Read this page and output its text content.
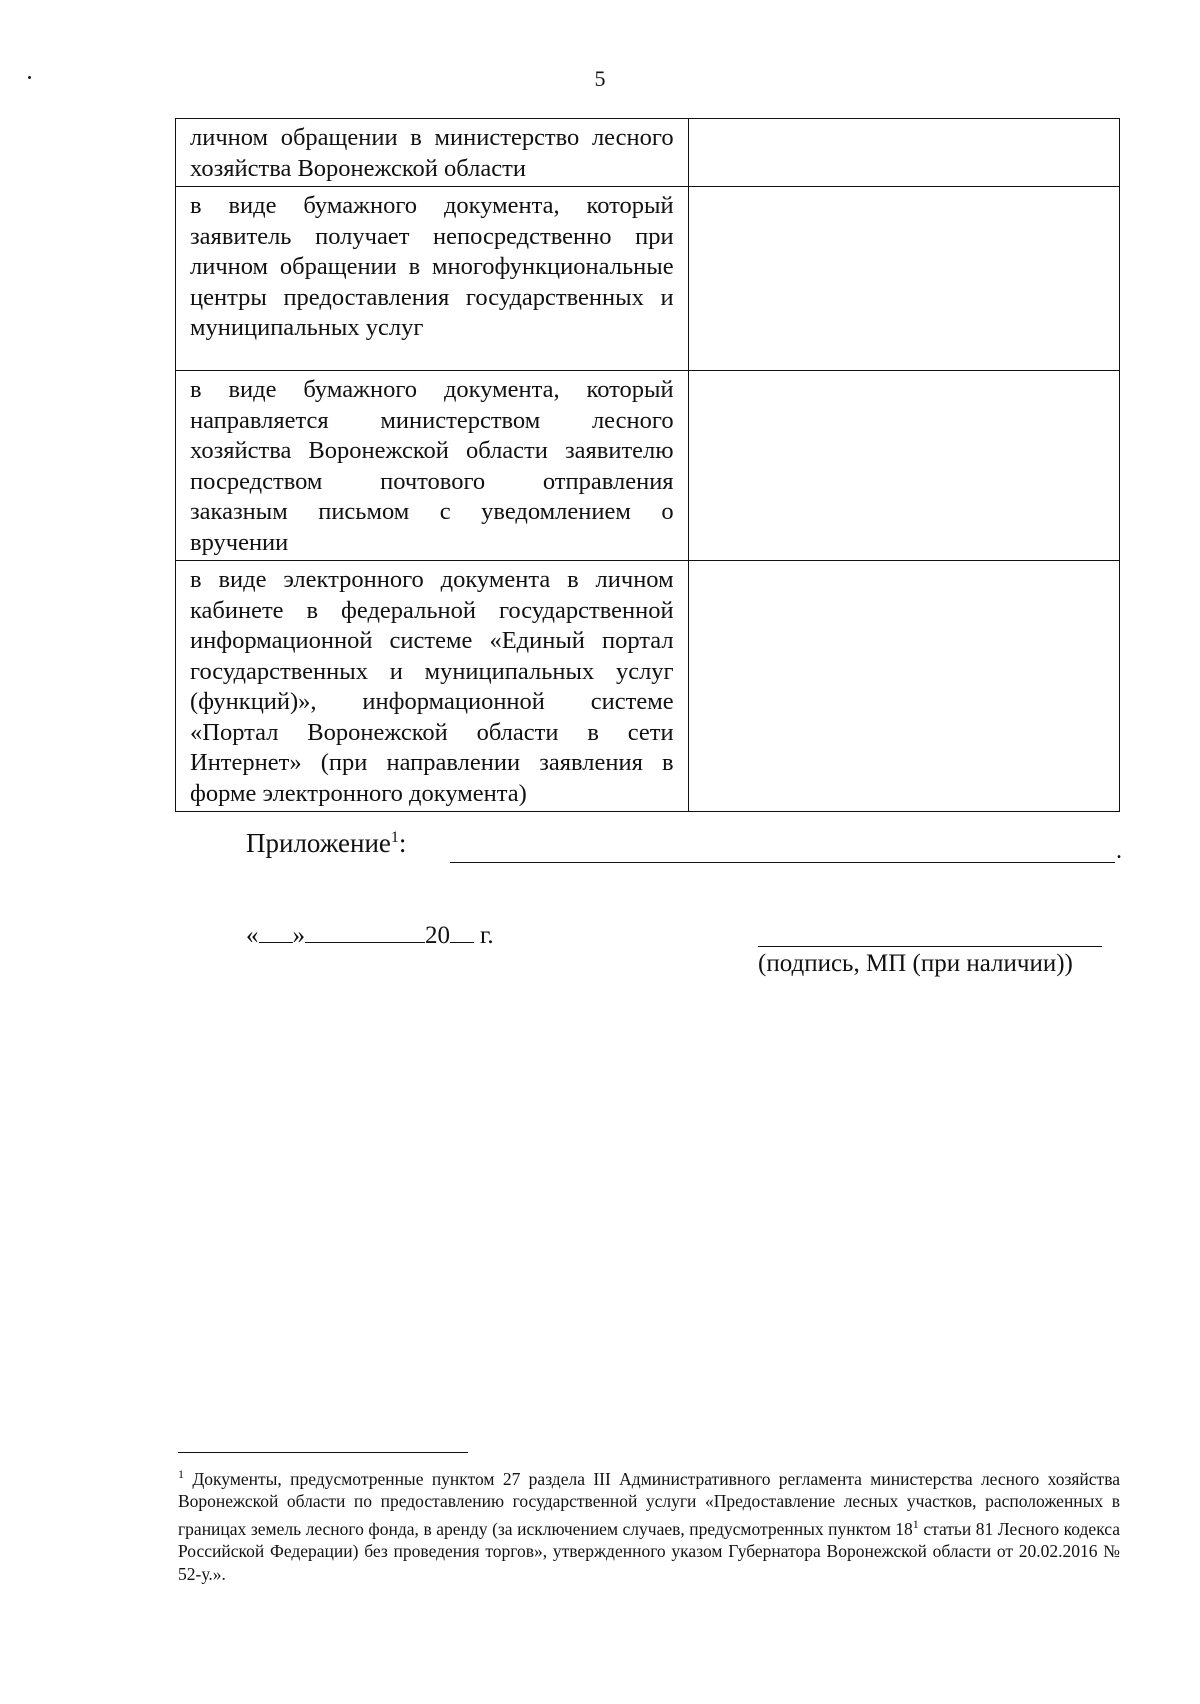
5
личном обращении в министерство лесного хозяйства Воронежской области	
в виде бумажного документа, который заявитель получает непосредственно при личном обращении в многофункциональные центры предоставления государственных и муниципальных услуг	
в виде бумажного документа, который направляется министерством лесного хозяйства Воронежской области заявителю посредством почтового отправления заказным письмом с уведомлением о вручении	
в виде электронного документа в личном кабинете в федеральной государственной информационной системе «Единый портал государственных и муниципальных услуг (функций)», информационной системе «Портал Воронежской области в сети Интернет» (при направлении заявления в форме электронного документа)	
Приложение$^1$:	.
« »	20 г.
(подпись, МП (при наличии))
$^1$ Документы, предусмотренные пунктом 27 раздела III Административного регламента министерства лесного хозяйства Воронежской области по предоставлению государственной услуги «Предоставление лесных участков, расположенных в границах земель лесного фонда, в аренду (за исключением случаев, предусмотренных пунктом $18^1$ статьи 81 Лесного кодекса Российской Федерации) без проведения торгов», утвержденного указом Губернатора Воронежской области от 20.02.2016 № 52-у.».
